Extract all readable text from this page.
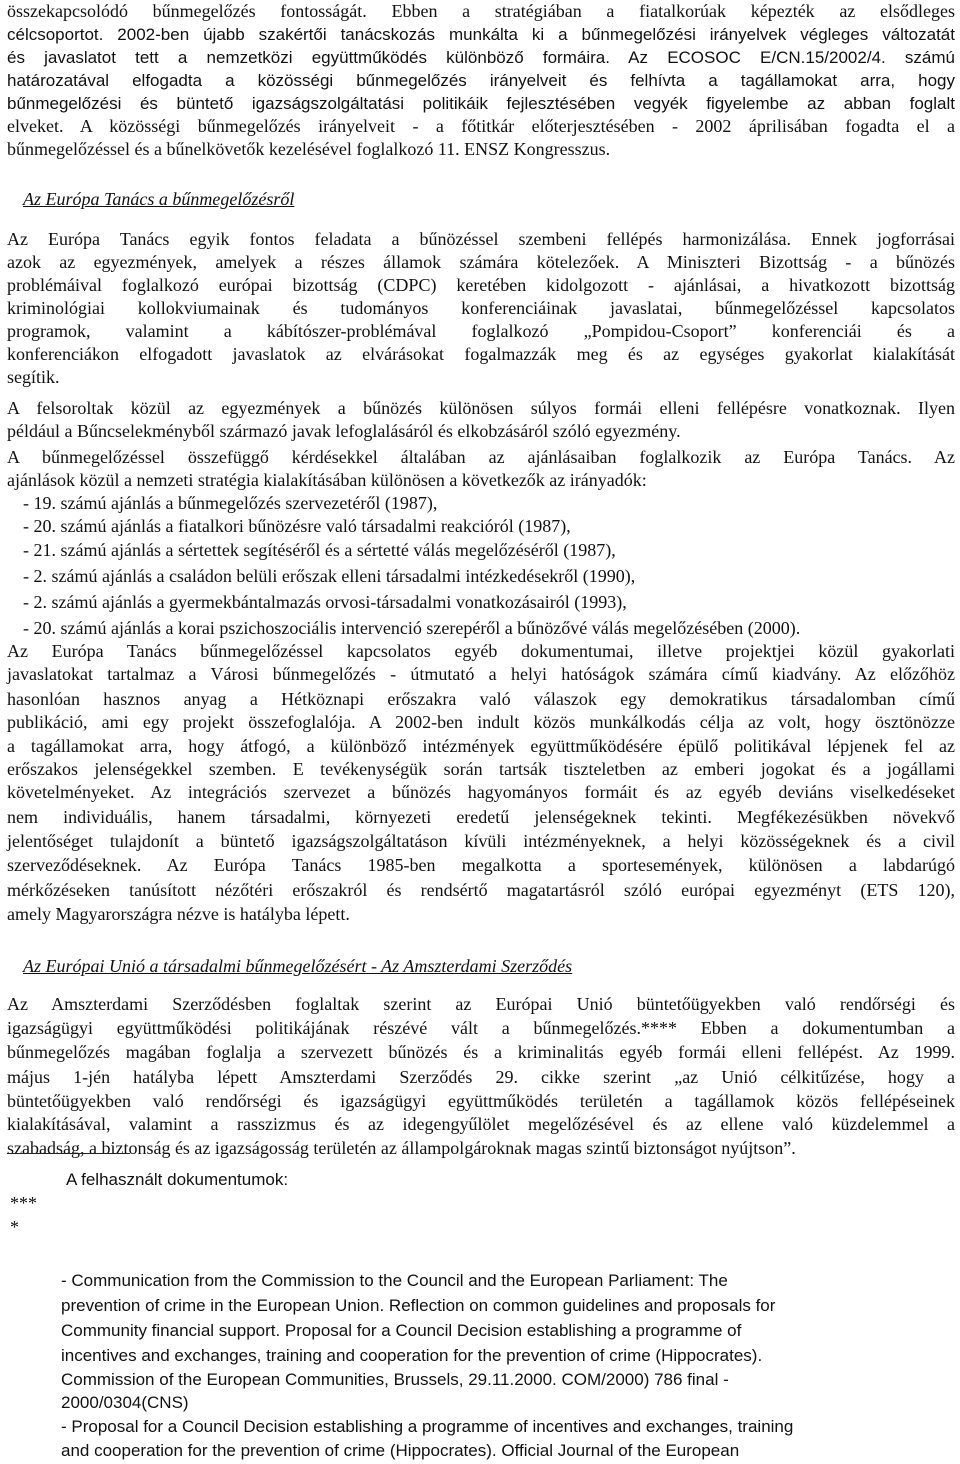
összekapcsolódó bűnmegelőzés fontosságát. Ebben a stratégiában a fiatalkorúak képezték az elsődleges
célcsoportot. 2002-ben újabb szakértői tanácskozás munkálta ki a bűnmegelőzési irányelvek végleges változatát
és javaslatot tett a nemzetközi együttműködés különböző formáira. Az ECOSOC E/CN.15/2002/4. számú
határozatával elfogadta a közösségi bűnmegelőzés irányelveit és felhívta a tagállamokat arra, hogy
bűnmegelőzési és büntető igazságszolgáltatási politikáik fejlesztésében vegyék figyelembe az abban foglalt
elveket. A közösségi bűnmegelőzés irányelveit - a főtitkár előterjesztésében - 2002 áprilisában fogadta el a
bűnmegelőzéssel és a bűnelkövetők kezelésével foglalkozó 11. ENSZ Kongresszus.
Az Európa Tanács a bűnmegelőzésről
Az Európa Tanács egyik fontos feladata a bűnözéssel szembeni fellépés harmonizálása. Ennek jogforrásai
azok az egyezmények, amelyek a részes államok számára kötelezőek. A Miniszteri Bizottság - a bűnözés
problémáival foglalkozó európai bizottság (CDPC) keretében kidolgozott - ajánlásai, a hivatkozott bizottság
kriminológiai kollokviumainak és tudományos konferenciáinak javaslatai, bűnmegelőzéssel kapcsolatos
programok, valamint a kábítószer-problémával foglalkozó „Pompidou-Csoport” konferenciái és a
konferenciákon elfogadott javaslatok az elvárásokat fogalmazzák meg és az egységes gyakorlat kialakítását
segítik.
A felsoroltak közül az egyezmények a bűnözés különösen súlyos formái elleni fellépésre vonatkoznak. Ilyen
például a Bűncselekményből származó javak lefoglalásáról és elkobzásáról szóló egyezmény.
A bűnmegelőzéssel összefüggő kérdésekkel általában az ajánlásaiban foglalkozik az Európa Tanács. Az
ajánlások közül a nemzeti stratégia kialakításában különösen a következők az irányadók:
- 19. számú ajánlás a bűnmegelőzés szervezetéről (1987),
- 20. számú ajánlás a fiatalkori bűnözésre való társadalmi reakcióról (1987),
- 21. számú ajánlás a sértettek segítéséről és a sértetté válás megelőzéséről (1987),
- 2. számú ajánlás a családon belüli erőszak elleni társadalmi intézkedésekről (1990),
- 2. számú ajánlás a gyermekbántalmazás orvosi-társadalmi vonatkozásairól (1993),
- 20. számú ajánlás a korai pszichoszociális intervenció szerepéről a bűnözővé válás megelőzésében (2000).
Az Európa Tanács bűnmegelőzéssel kapcsolatos egyéb dokumentumai, illetve projektjei közül gyakorlati
javaslatokat tartalmaz a Városi bűnmegelőzés - útmutató a helyi hatóságok számára című kiadvány. Az előzőhöz
hasonlóan hasznos anyag a Hétköznapi erőszakra való válaszok egy demokratikus társadalomban című
publikáció, ami egy projekt összefoglalója. A 2002-ben indult közös munkálkodás célja az volt, hogy ösztönözze
a tagállamokat arra, hogy átfogó, a különböző intézmények együttműködésére épülő politikával lépjenek fel az
erőszakos jelenségekkel szemben. E tevékenységük során tartsák tiszteletben az emberi jogokat és a jogállami
követelményeket. Az integrációs szervezet a bűnözés hagyományos formáit és az egyéb deviáns viselkedéseket
nem individuális, hanem társadalmi, környezeti eredetű jelenségeknek tekinti. Megfékezésükben növekvő
jelentőséget tulajdonít a büntető igazságszolgáltatáson kívüli intézményeknek, a helyi közösségeknek és a civil
szerveződéseknek. Az Európa Tanács 1985-ben megalkotta a sportesemények, különösen a labdarúgó
mérkőzéseken tanúsított nézőtéri erőszakról és rendsértő magatartásról szóló európai egyezményt (ETS 120),
amely Magyarországra nézve is hatályba lépett.
Az Európai Unió a társadalmi bűnmegelőzésért - Az Amszterdami Szerződés
Az Amszterdami Szerződésben foglaltak szerint az Európai Unió büntetőügyekben való rendőrségi és
igazságügyi együttműködési politikájának részévé vált a bűnmegelőzés.**** Ebben a dokumentumban a
bűnmegelőzés magában foglalja a szervezett bűnözés és a kriminalitás egyéb formái elleni fellépést. Az 1999.
május 1-jén hatályba lépett Amszterdami Szerződés 29. cikke szerint „az Unió célkitűzése, hogy a
büntetőügyekben való rendőrségi és igazságügyi együttműködés területén a tagállamok közös fellépéseinek
kialakításával, valamint a rasszizmus és az idegengyűlölet megelőzésével és az ellene való küzdelemmel a
szabadság, a biztonság és az igazságosság területén az állampolgároknak magas szintű biztonságot nyújtson”.
A felhasznált dokumentumok:
***
*
- Communication from the Commission to the Council and the European Parliament: The
prevention of crime in the European Union. Reflection on common guidelines and proposals for
Community financial support. Proposal for a Council Decision establishing a programme of
incentives and exchanges, training and cooperation for the prevention of crime (Hippocrates).
Commission of the European Communities, Brussels, 29.11.2000. COM/2000) 786 final -
2000/0304(CNS)
- Proposal for a Council Decision establishing a programme of incentives and exchanges, training
and cooperation for the prevention of crime (Hippocrates). Official Journal of the European
